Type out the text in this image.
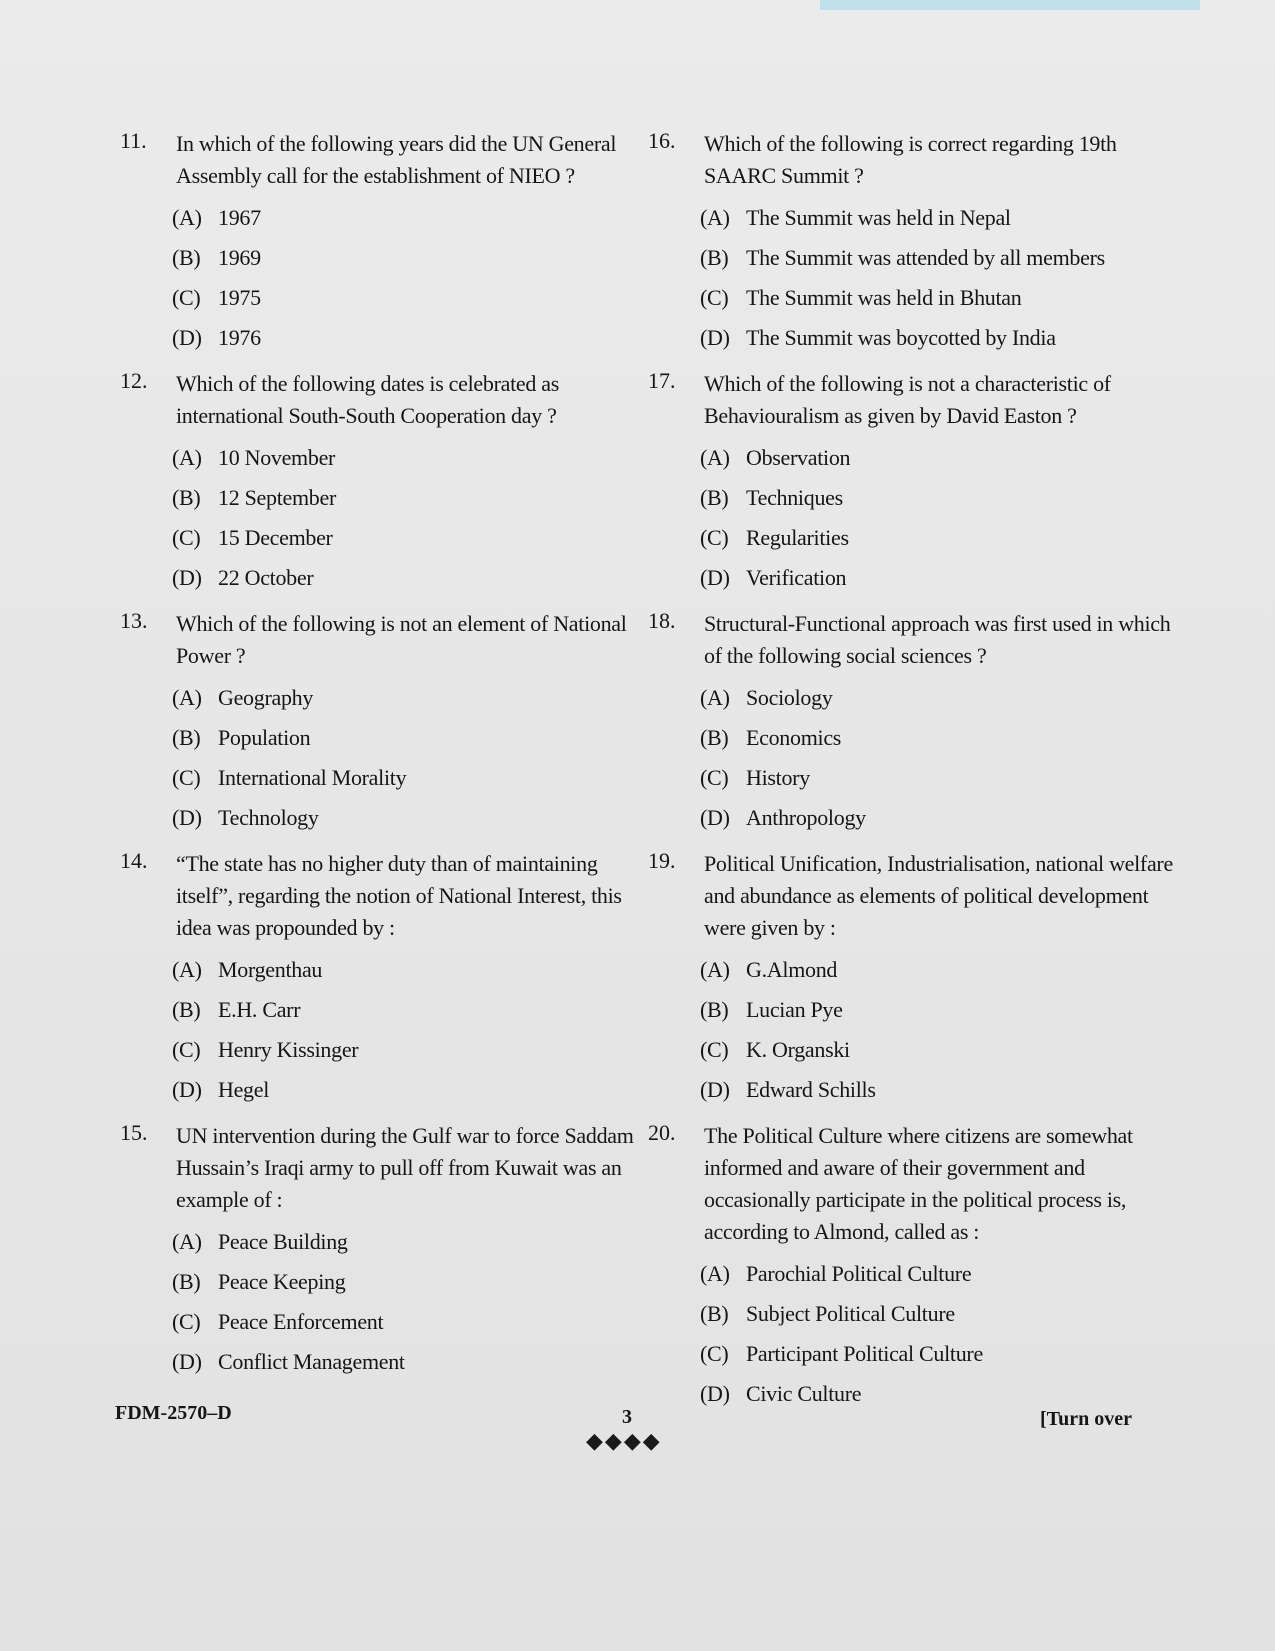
11. In which of the following years did the UN General Assembly call for the establishment of NIEO ?
(A) 1967
(B) 1969
(C) 1975
(D) 1976
12. Which of the following dates is celebrated as international South-South Cooperation day ?
(A) 10 November
(B) 12 September
(C) 15 December
(D) 22 October
13. Which of the following is not an element of National Power ?
(A) Geography
(B) Population
(C) International Morality
(D) Technology
14. “The state has no higher duty than of maintaining itself”, regarding the notion of National Interest, this idea was propounded by :
(A) Morgenthau
(B) E.H. Carr
(C) Henry Kissinger
(D) Hegel
15. UN intervention during the Gulf war to force Saddam Hussain’s Iraqi army to pull off from Kuwait was an example of :
(A) Peace Building
(B) Peace Keeping
(C) Peace Enforcement
(D) Conflict Management
16. Which of the following is correct regarding 19th SAARC Summit ?
(A) The Summit was held in Nepal
(B) The Summit was attended by all members
(C) The Summit was held in Bhutan
(D) The Summit was boycotted by India
17. Which of the following is not a characteristic of Behaviouralism as given by David Easton ?
(A) Observation
(B) Techniques
(C) Regularities
(D) Verification
18. Structural-Functional approach was first used in which of the following social sciences ?
(A) Sociology
(B) Economics
(C) History
(D) Anthropology
19. Political Unification, Industrialisation, national welfare and abundance as elements of political development were given by :
(A) G.Almond
(B) Lucian Pye
(C) K. Organski
(D) Edward Schills
20. The Political Culture where citizens are somewhat informed and aware of their government and occasionally participate in the political process is, according to Almond, called as :
(A) Parochial Political Culture
(B) Subject Political Culture
(C) Participant Political Culture
(D) Civic Culture
FDM-2570–D	3
◆◆◆◆
[Turn over
